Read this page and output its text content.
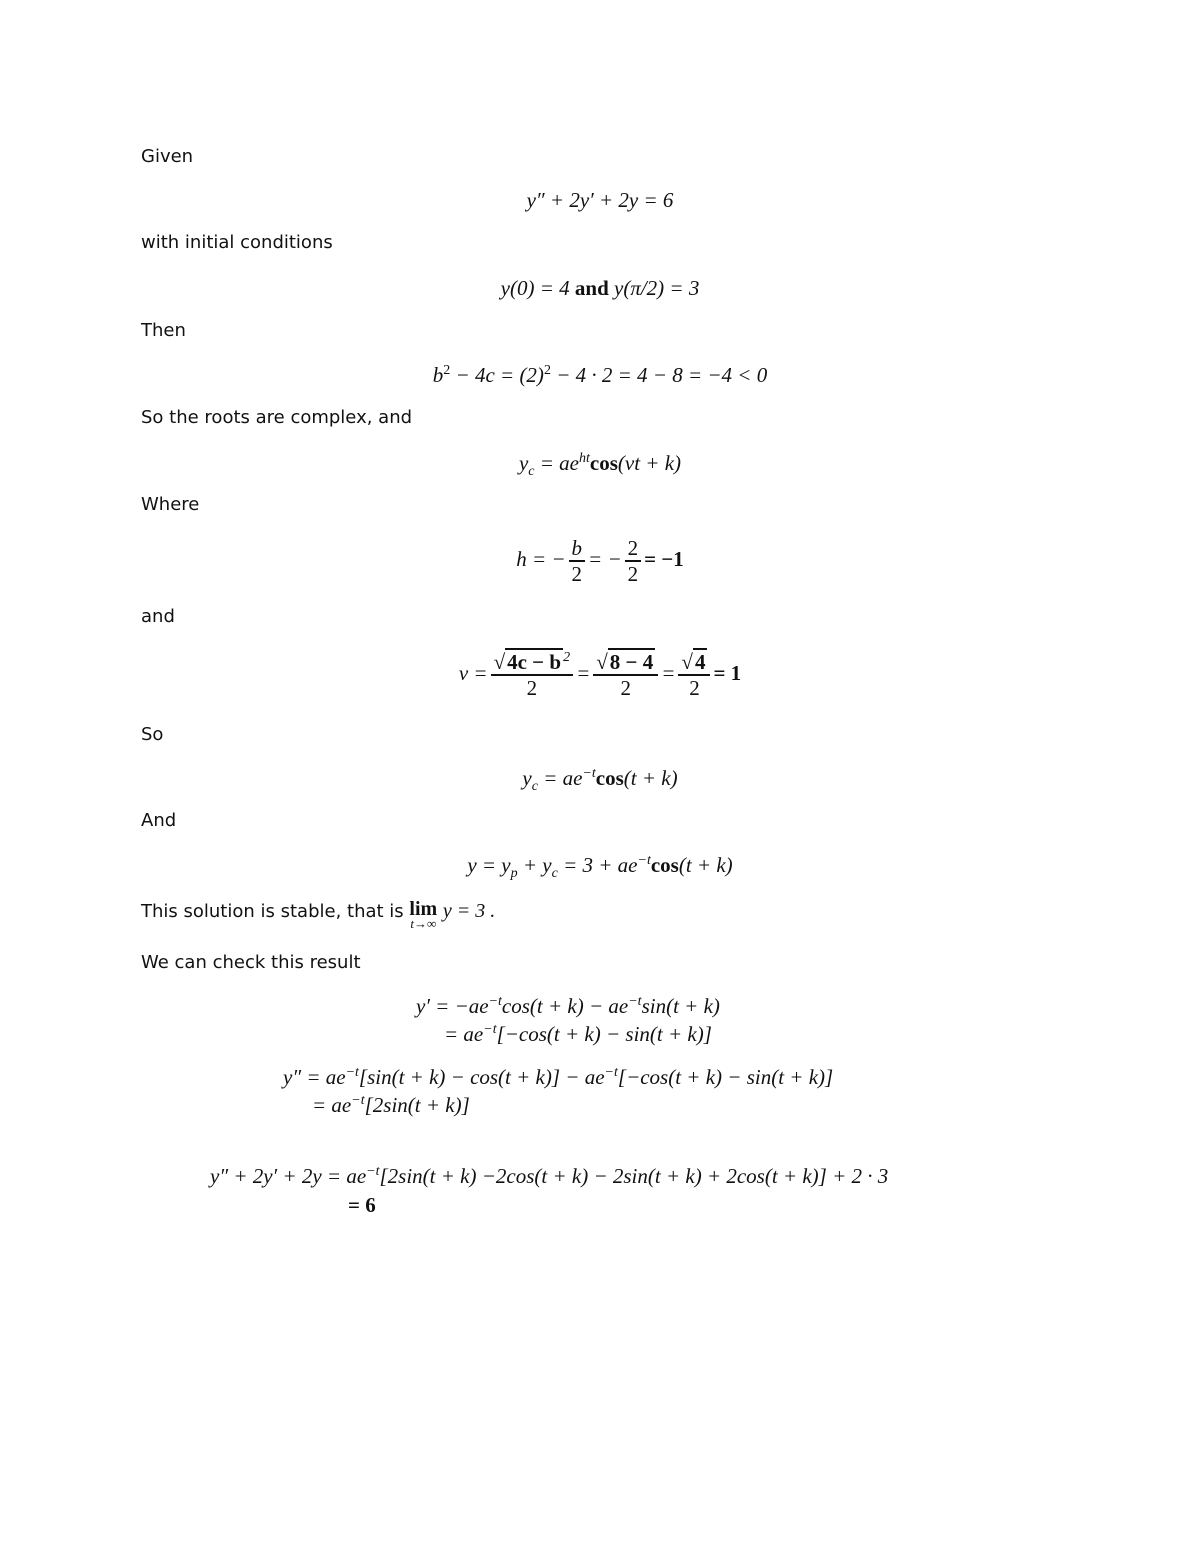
Given
y″ + 2y′ + 2y = 6
with initial conditions
y(0) = 4 and y(π/2) = 3
Then
$b^2 - 4c = (2)^2 - 4 \cdot 2 = 4 - 8 = -4 < 0$
So the roots are complex, and
$y_c = ae^{ht}\cos(vt + k)$
Where
h = − $\frac{b}{2}$ = − $\frac{2}{2} = -1$
and
$v = \frac{√4c - b ^2}{2} = \frac{√8 - 4}{2} = \frac{√4}{2} = 1$
So
$y_c = ae^{-t}\cos(t + k)$
And
$y = y_p + y_c = 3 + ae^{-t}\cos(t + k)$
This solution is stable, that is lim
t→∞
y = 3 .
We can check this result
$y' = -ae^{-t}\cos(t + k) - ae^{-t}\sin(t + k)$
= $ae^{-t}[-\cos(t + k) - \sin(t + k)]$
$y'' = ae^{-t}[\sin(t + k) - \cos(t + k)] - ae^{-t}[-\cos(t + k) - \sin(t + k)]$
= $ae^{-t}[2\sin(t + k)]$
$y'' + 2y' + 2y = ae^{-t}[2\sin(t + k) -2\cos(t + k) - 2\sin(t + k) + 2\cos(t + k)] + 2 \cdot 3$
= 6
